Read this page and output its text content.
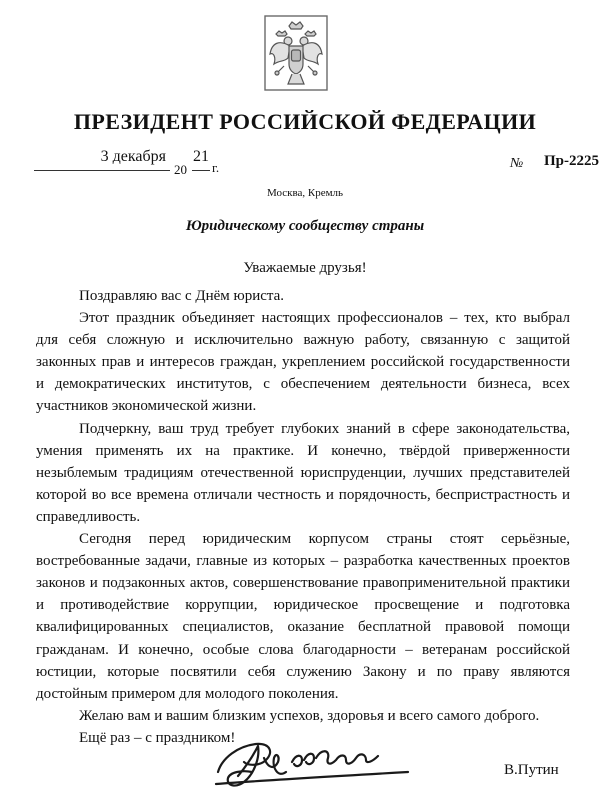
ПРЕЗИДЕНТ РОССИЙСКОЙ ФЕДЕРАЦИИ
3 декабря
20
21
г.	№ Пр-2225
Москва, Кремль
Юридическому сообществу страны
Уважаемые друзья!

Поздравляю вас с Днём юриста.

Этот праздник объединяет настоящих профессионалов – тех, кто выбрал для себя сложную и исключительно важную работу, связанную с защитой законных прав и интересов граждан, укреплением российской государственности и демократических институтов, с обеспечением деятельности бизнеса, всех участников экономической жизни.

Подчеркну, ваш труд требует глубоких знаний в сфере законодательства, умения применять их на практике. И конечно, твёрдой приверженности незыблемым традициям отечественной юриспруденции, лучших представителей которой во все времена отличали честность и порядочность, беспристрастность и справедливость.

Сегодня перед юридическим корпусом страны стоят серьёзные, востребованные задачи, главные из которых – разработка качественных проектов законов и подзаконных актов, совершенствование правоприменительной практики и противодействие коррупции, юридическое просвещение и подготовка квалифицированных специалистов, оказание бесплатной правовой помощи гражданам. И конечно, особые слова благодарности – ветеранам российской юстиции, которые посвятили себя служению Закону и по праву являются достойным примером для молодого поколения.

Желаю вам и вашим близким успехов, здоровья и всего самого доброго.

Ещё раз – с праздником!

В.Путин
